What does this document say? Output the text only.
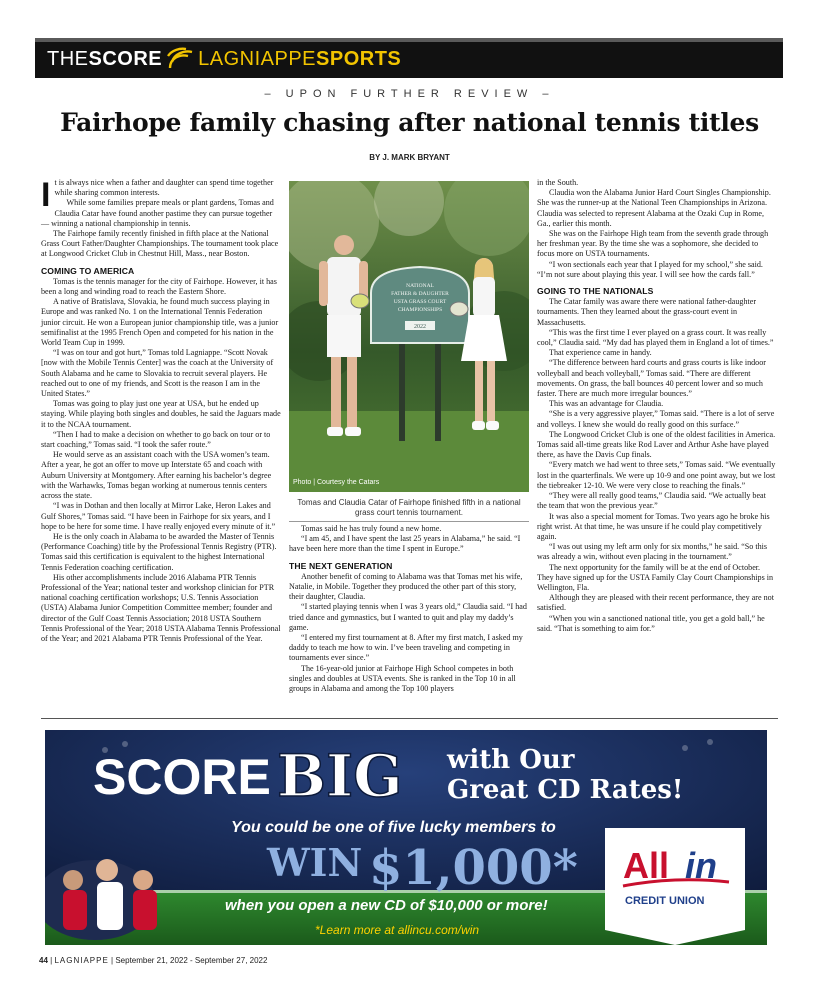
THE SCORE LAGNIAPPE SPORTS
– UPON FURTHER REVIEW –
Fairhope family chasing after national tennis titles
BY J. MARK BRYANT

It is always nice when a father and daughter can spend time together while sharing common interests.

While some families prepare meals or plant gardens, Tomas and Claudia Catar have found another pastime they can pursue together — winning a national championship in tennis.

The Fairhope family recently finished in fifth place at the National Grass Court Father/Daughter Championships. The tournament took place at Longwood Cricket Club in Chestnut Hill, Mass., near Boston.

COMING TO AMERICA

Tomas is the tennis manager for the city of Fairhope. However, it has been a long and winding road to reach the Eastern Shore.

A native of Bratislava, Slovakia, he found much success playing in Europe and was ranked No. 1 on the International Tennis Federation junior circuit. He won a European junior championship title, was a junior semifinalist at the 1995 French Open and competed for his nation in the World Team Cup in 1999.

“I was on tour and got hurt,” Tomas told Lagniappe. “Scott Novak [now with the Mobile Tennis Center] was the coach at the University of South Alabama and he came to Slovakia to recruit several players. He reached out to one of my friends, and Scott is the reason I am in the United States.”

Tomas was going to play just one year at USA, but he ended up staying. While playing both singles and doubles, he said the Jaguars made it to the NCAA tournament.

“Then I had to make a decision on whether to go back on tour or to start coaching,” Tomas said. “I took the safer route.”

He would serve as an assistant coach with the USA women’s team. After a year, he got an offer to move up Interstate 65 and coach with Auburn University at Montgomery. After earning his bachelor’s degree with the Warhawks, Tomas began working at numerous tennis centers across the state.

“I was in Dothan and then locally at Mirror Lake, Heron Lakes and Gulf Shores,” Tomas said. “I have been in Fairhope for six years, and I hope to be here for some time. I have really enjoyed every minute of it.”

He is the only coach in Alabama to be awarded the Master of Tennis (Performance Coaching) title by the Professional Tennis Registry (PTR). Tomas said this certification is equivalent to the highest International Tennis Federation coaching certification.

His other accomplishments include 2016 Alabama PTR Tennis Professional of the Year; national tester and workshop clinician for PTR national coaching certification workshops; U.S. Tennis Association (USTA) Alabama Junior Competition Committee member; founder and director of the Gulf Coast Tennis Association; 2018 USTA Southern Tennis Professional of the Year; 2018 USTA Alabama Tennis Professional of the Year; and 2021 Alabama PTR Tennis Professional of the Year.

NATIONAL
FATHER & DAUGHTER
USTA GRASS COURT
CHAMPIONSHIPS
2022
Photo | Courtesy the Catars
Tomas and Claudia Catar of Fairhope finished fifth in a national grass court tennis tournament.

Tomas said he has truly found a new home.

“I am 45, and I have spent the last 25 years in Alabama,” he said. “I have been here more than the time I spent in Europe.”

THE NEXT GENERATION

Another benefit of coming to Alabama was that Tomas met his wife, Natalie, in Mobile. Together they produced the other part of this story, their daughter, Claudia.

“I started playing tennis when I was 3 years old,” Claudia said. “I had tried dance and gymnastics, but I wanted to quit and play my daddy’s game.

“I entered my first tournament at 8. After my first match, I asked my daddy to teach me how to win. I’ve been traveling and competing in tournaments ever since.”

The 16-year-old junior at Fairhope High School competes in both singles and doubles at USTA events. She is ranked in the Top 10 in all groups in Alabama and among the Top 100 players

in the South.

Claudia won the Alabama Junior Hard Court Singles Championship. She was the runner-up at the National Teen Championships in Arizona. Claudia was selected to represent Alabama at the Ozaki Cup in Rome, Ga., earlier this month.

She was on the Fairhope High team from the seventh grade through her freshman year. By the time she was a sophomore, she decided to focus more on USTA tournaments.

“I won sectionals each year that I played for my school,” she said. “I’m not sure about playing this year. I will see how the cards fall.”

GOING TO THE NATIONALS

The Catar family was aware there were national father-daughter tournaments. Then they learned about the grass-court event in Massachusetts.

“This was the first time I ever played on a grass court. It was really cool,” Claudia said. “My dad has played them in England a lot of times.”

That experience came in handy.

“The difference between hard courts and grass courts is like indoor volleyball and beach volleyball,” Tomas said. “There are different movements. On grass, the ball bounces 40 percent lower and so much faster. There are much more irregular bounces.”

This was an advantage for Claudia.

“She is a very aggressive player,” Tomas said. “There is a lot of serve and volleys. I knew she would do really good on this surface.”

The Longwood Cricket Club is one of the oldest facilities in America. Tomas said all-time greats like Rod Laver and Arthur Ashe have played there, as have the Davis Cup finals.

“Every match we had went to three sets,” Tomas said. “We eventually lost in the quarterfinals. We were up 10-9 and one point away, but we lost the tiebreaker 12-10. We were very close to reaching the finals.”

“They were all really good teams,” Claudia said. “We actually beat the team that won the previous year.”

It was also a special moment for Tomas. Two years ago he broke his right wrist. At that time, he was unsure if he could play competitively again.

“I was out using my left arm only for six months,” he said. “So this was already a win, without even placing in the tournament.”

The next opportunity for the family will be at the end of October. They have signed up for the USTA Family Clay Court Championships in Wellington, Fla.

Although they are pleased with their recent performance, they are not satisfied.

“When you win a sanctioned national title, you get a gold ball,” he said. “That is something to aim for.”

SCORE BIG with Our
Great CD Rates!
You could be one of five lucky members to
WIN $1,000*
when you open a new CD of $10,000 or more!
*Learn more at allincu.com/win
All in
CREDIT UNION
44 | LAGNIAPPE | September 21, 2022 - September 27, 2022
